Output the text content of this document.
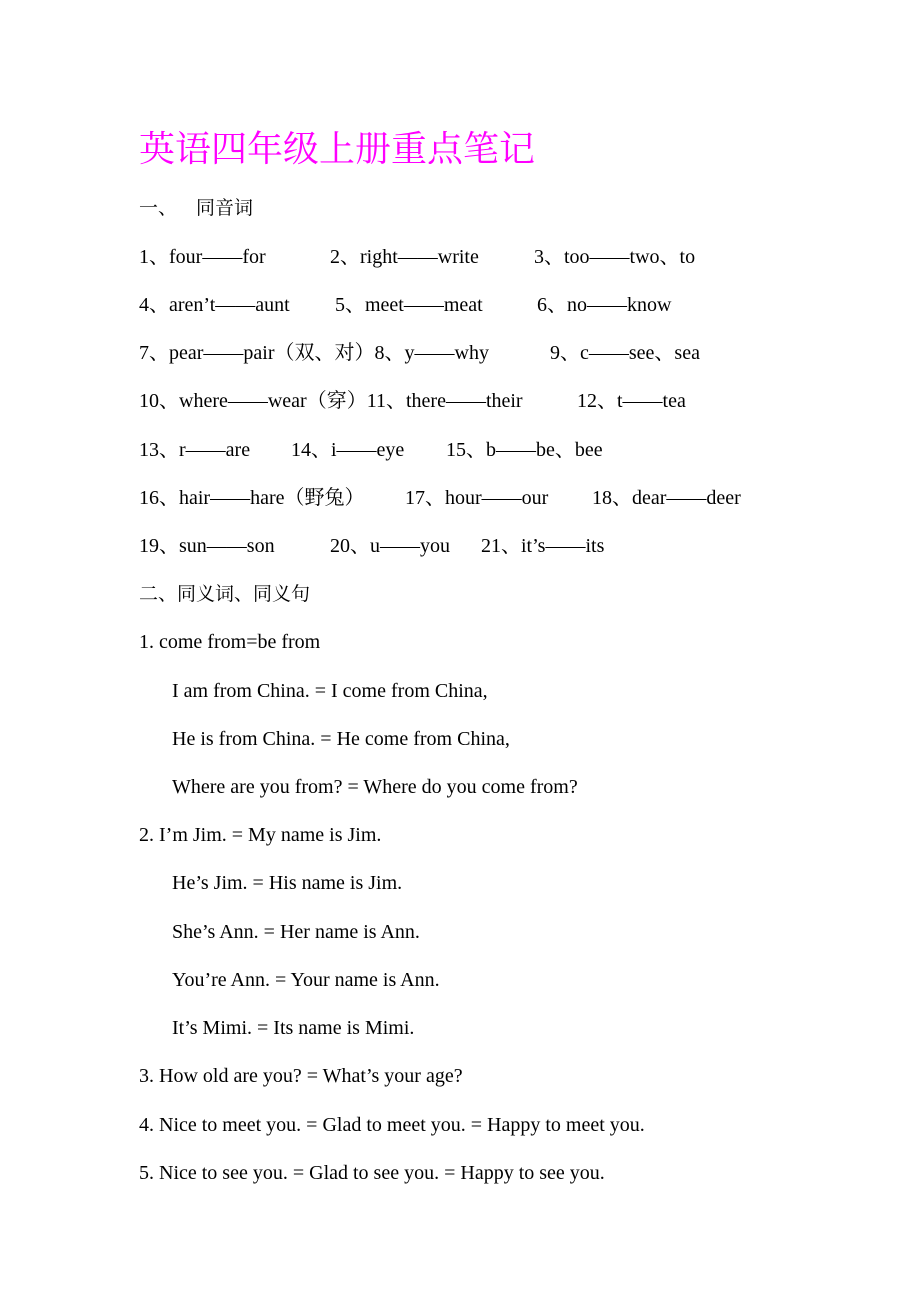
英语四年级上册重点笔记
一、 同音词
1、four——for	2、right——write	3、too——two、to
4、aren’t——aunt 5、meet——meat	6、no——know
7、pear——pair（双、对）8、y——why	9、c——see、sea
10、where——wear（穿）11、there——their	12、t——tea
13、r——are 14、i——eye 15、b——be、bee
16、hair——hare（野兔） 17、hour——our 18、dear——deer
19、sun——son	20、u——you 21、it’s——its
二、同义词、同义句
1. come from=be from
I am from China. = I come from China,
He is from China. = He come from China,
Where are you from? = Where do you come from?
2. I’m Jim. = My name is Jim.
He’s Jim. = His name is Jim.
She’s Ann. = Her name is Ann.
You’re Ann. = Your name is Ann.
It’s Mimi. = Its name is Mimi.
3. How old are you? = What’s your age?
4. Nice to meet you. = Glad to meet you. = Happy to meet you.
5. Nice to see you. = Glad to see you. = Happy to see you.
